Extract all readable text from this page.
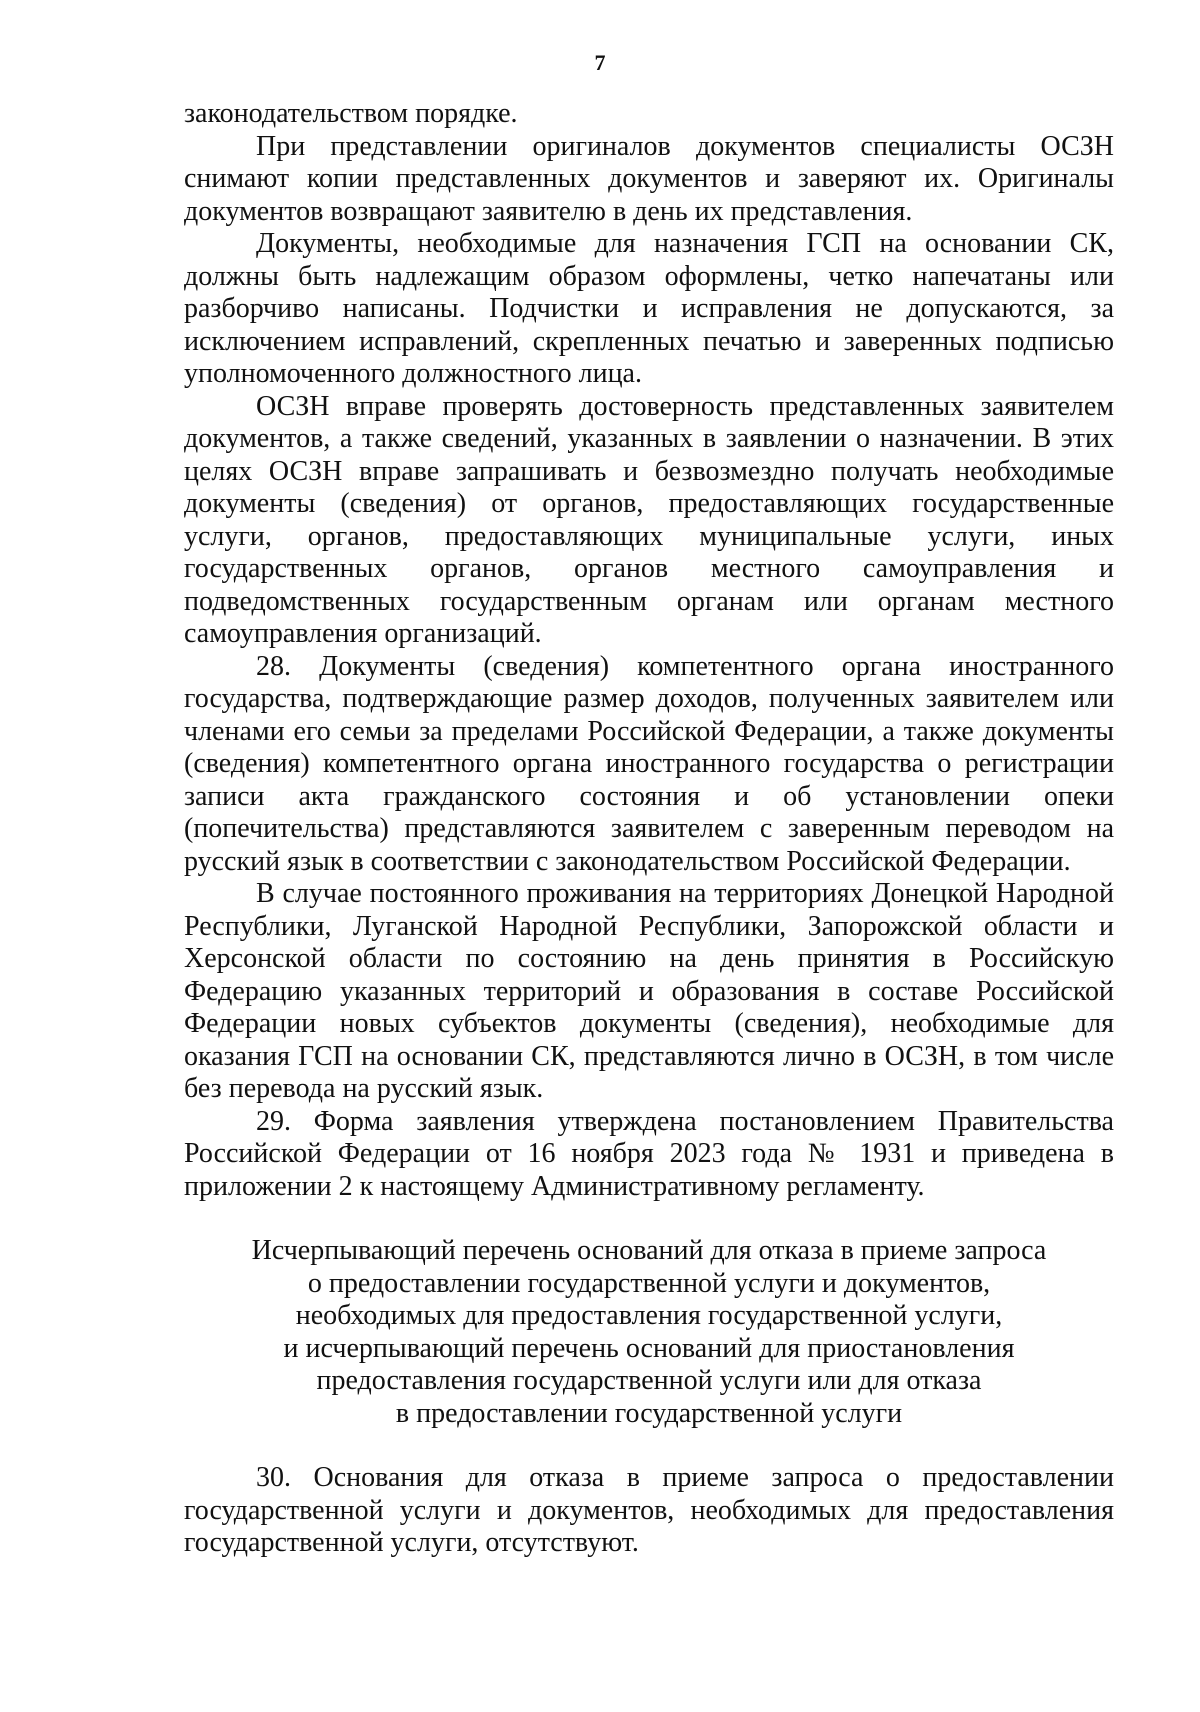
7

законодательством порядке.

При представлении оригиналов документов специалисты ОСЗН снимают копии представленных документов и заверяют их. Оригиналы документов возвращают заявителю в день их представления.

Документы, необходимые для назначения ГСП на основании СК, должны быть надлежащим образом оформлены, четко напечатаны или разборчиво написаны. Подчистки и исправления не допускаются, за исключением исправлений, скрепленных печатью и заверенных подписью уполномоченного должностного лица.

ОСЗН вправе проверять достоверность представленных заявителем документов, а также сведений, указанных в заявлении о назначении. В этих целях ОСЗН вправе запрашивать и безвозмездно получать необходимые документы (сведения) от органов, предоставляющих государственные услуги, органов, предоставляющих муниципальные услуги, иных государственных органов, органов местного самоуправления и подведомственных государственным органам или органам местного самоуправления организаций.

28. Документы (сведения) компетентного органа иностранного государства, подтверждающие размер доходов, полученных заявителем или членами его семьи за пределами Российской Федерации, а также документы (сведения) компетентного органа иностранного государства о регистрации записи акта гражданского состояния и об установлении опеки (попечительства) представляются заявителем с заверенным переводом на русский язык в соответствии с законодательством Российской Федерации.

В случае постоянного проживания на территориях Донецкой Народной Республики, Луганской Народной Республики, Запорожской области и Херсонской области по состоянию на день принятия в Российскую Федерацию указанных территорий и образования в составе Российской Федерации новых субъектов документы (сведения), необходимые для оказания ГСП на основании СК, представляются лично в ОСЗН, в том числе без перевода на русский язык.

29. Форма заявления утверждена постановлением Правительства Российской Федерации от 16 ноября 2023 года № 1931 и приведена в приложении 2 к настоящему Административному регламенту.

Исчерпывающий перечень оснований для отказа в приеме запроса
о предоставлении государственной услуги и документов,
необходимых для предоставления государственной услуги,
и исчерпывающий перечень оснований для приостановления
предоставления государственной услуги или для отказа
в предоставлении государственной услуги

30. Основания для отказа в приеме запроса о предоставлении государственной услуги и документов, необходимых для предоставления государственной услуги, отсутствуют.
